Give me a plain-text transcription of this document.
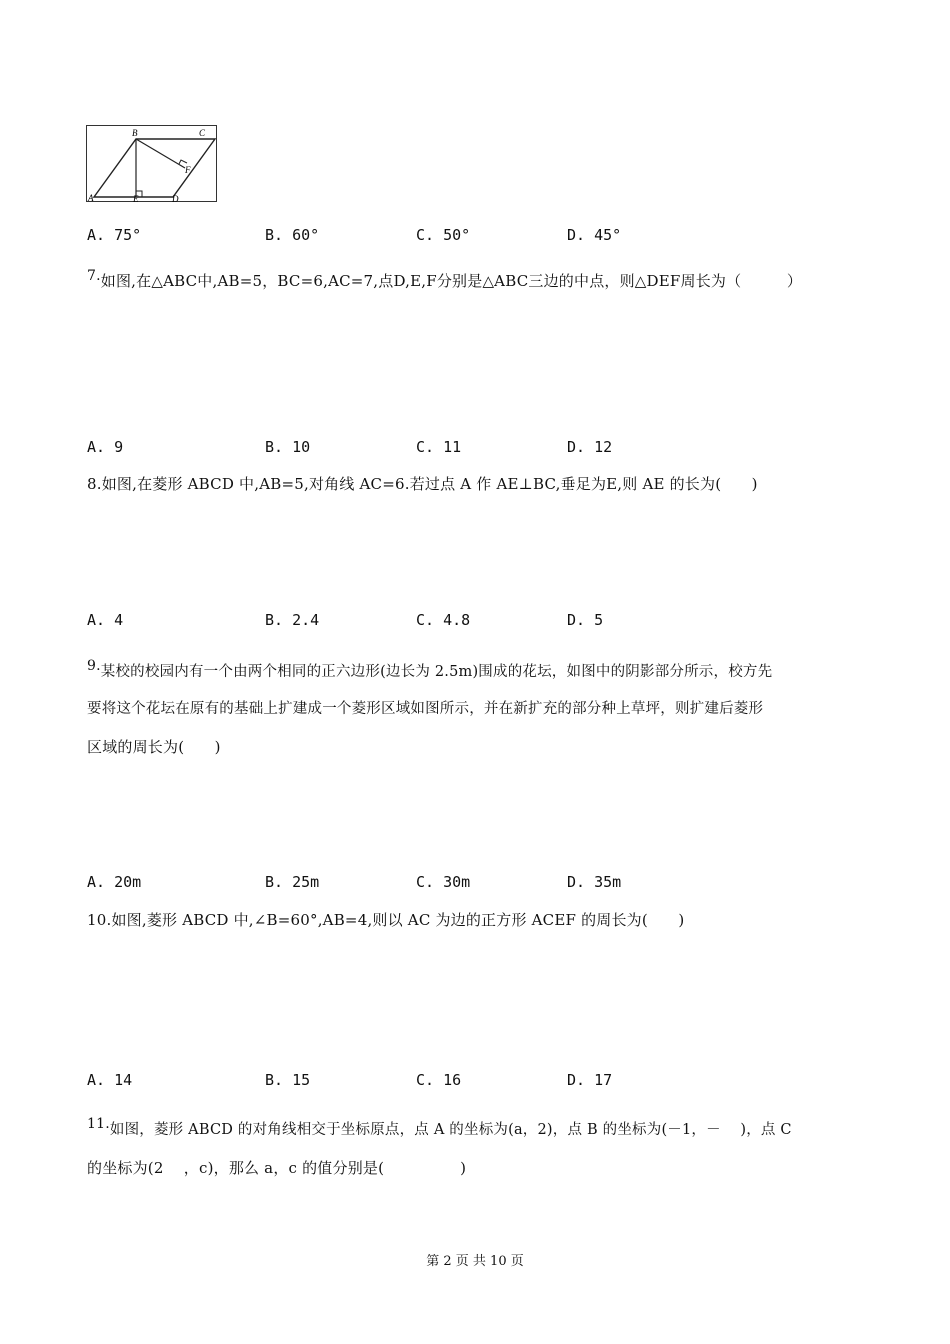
A
B	C
D
E
F
A. 75°	B. 60°	C. 50°	D. 45°
7.如图,在△ABC中,AB=5，BC=6,AC=7,点D,E,F分别是△ABC三边的中点，则△DEF周长为（　　　）
A. 9	B. 10	C. 11	D. 12
8.如图,在菱形 ABCD 中,AB=5,对角线 AC=6.若过点 A 作 AE⊥BC,垂足为E,则 AE 的长为(　　)
A. 4	B. 2.4	C. 4.8	D. 5
9.某校的校园内有一个由两个相同的正六边形(边长为 2.5m)围成的花坛，如图中的阴影部分所示，校方先
要将这个花坛在原有的基础上扩建成一个菱形区域如图所示，并在新扩充的部分种上草坪，则扩建后菱形
区域的周长为(　　)
A. 20m	B. 25m	C. 30m	D. 35m
10.如图,菱形 ABCD 中,∠B=60°,AB=4,则以 AC 为边的正方形 ACEF 的周长为(　　)
A. 14	B. 15	C. 16	D. 17
11.如图，菱形 ABCD 的对角线相交于坐标原点，点 A 的坐标为(a，2)，点 B 的坐标为(－1，－　 )，点 C
的坐标为(2　 ，c)，那么 a，c 的值分别是(　　　　　)
第 2 页 共 10 页
